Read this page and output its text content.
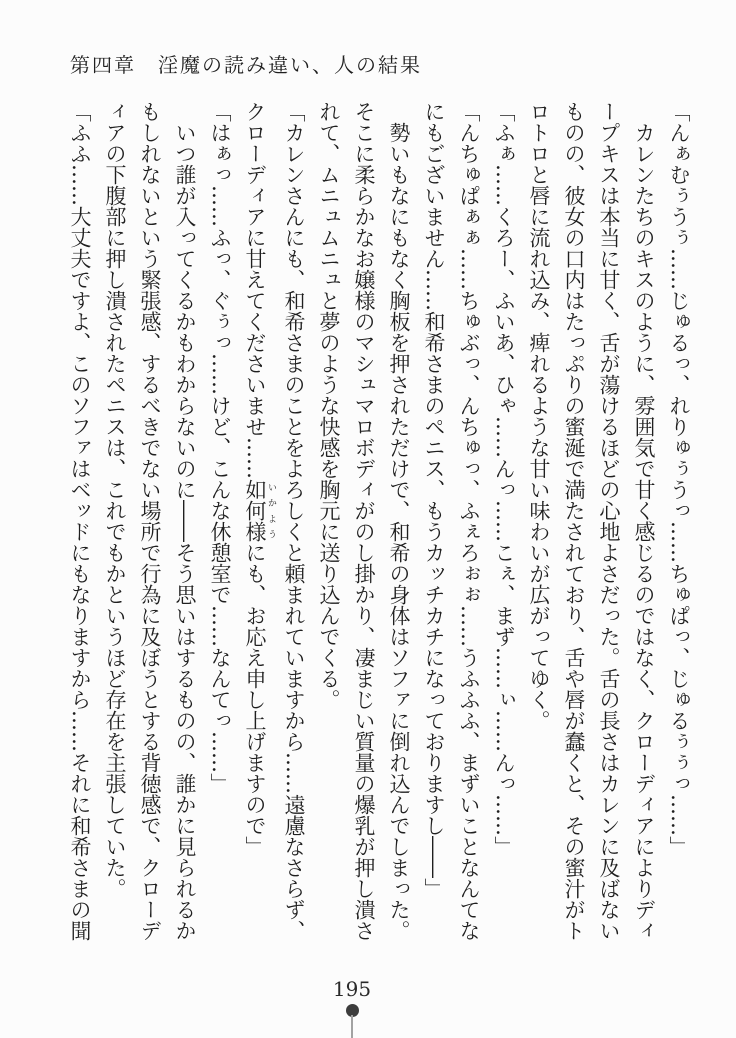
第四章 淫魔の読み違い、人の結果

「んぁむぅうぅ……じゅるっ、れりゅぅうっ……ちゅぱっ、じゅるぅぅっ……」

カレンたちのキスのように、雰囲気で甘く感じるのではなく、クローディアによりディ

ープキスは本当に甘く、舌が蕩けるほどの心地よさだった。舌の長さはカレンに及ばない

ものの、彼女の口内はたっぷりの蜜涎で満たされており、舌や唇が蠢くと、その蜜汁がト

ロトロと唇に流れ込み、痺れるような甘い味わいが広がってゆく。

「ふぁ……くろー、ふいあ、ひゃ……んっ……こぇ、まず……ぃ……んっ……」

「んちゅぱぁぁ……ちゅぶっ、んちゅっ、ふぇろぉぉ……うふふふ、まずいことなんてな

にもございません……和希さまのペニス、もうカッチカチになっておりますし――」

勢いもなにもなく胸板を押されただけで、和希の身体はソファに倒れ込んでしまった。

そこに柔らかなお嬢様のマシュマロボディがのし掛かり、凄まじい質量の爆乳が押し潰さ

れて、ムニュムニュと夢のような快感を胸元に送り込んでくる。

「カレンさんにも、和希さまのことをよろしくと頼まれていますから……遠慮なさらず、

クローディアに甘えてくださいませ……如何様 いかようにも、お応え申し上げますので」

「はぁっ……ふっ、ぐぅっ……けど、こんな休憩室で……なんてっ……」

いつ誰が入ってくるかもわからないのに――そう思いはするものの、誰かに見られるか

もしれないという緊張感、するべきでない場所で行為に及ぼうとする背徳感で、クローデ

ィアの下腹部に押し潰されたペニスは、これでもかというほど存在を主張していた。

「ふふ……大丈夫ですよ、このソファはベッドにもなりますから……それに和希さまの聞

195
